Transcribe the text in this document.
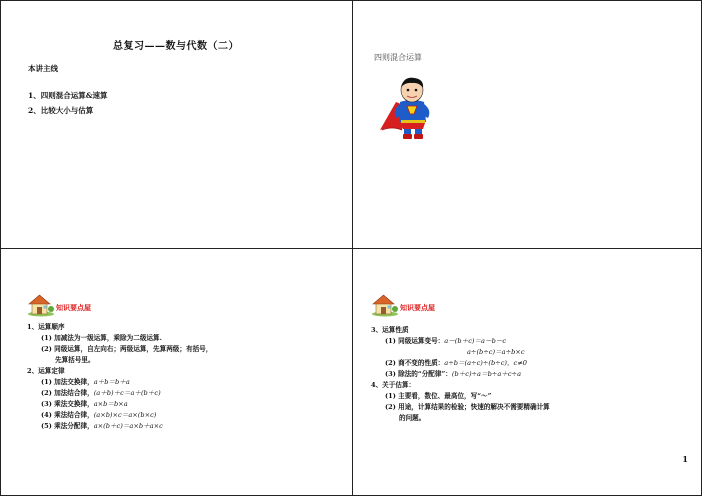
总复习——数与代数（二）
本讲主线
1、四则混合运算&速算
2、比较大小与估算
四则混合运算
知识要点屋
1、运算顺序
(1) 加减法为一级运算，乘除为二级运算.
(2) 同级运算，自左向右；两级运算，先算两级；有括号，
先算括号里。
2、运算定律
(1) 加法交换律，a＋b＝b＋a
(2) 加法结合律，(a＋b)＋c＝a＋(b＋c)
(3) 乘法交换律，a×b＝b×a
(4) 乘法结合律，(a×b)×c＝a×(b×c)
(5) 乘法分配律，a×(b＋c)＝a×b＋a×c
知识要点屋
3、运算性质
(1) 同级运算变号：a－(b＋c)＝a－b－c
a÷(b÷c)＝a÷b×c
(2) 商不变的性质：a÷b＝(a÷c)÷(b÷c)，c≠0
(3) 除法的“分配律”：(b＋c)÷a＝b÷a＋c÷a
4、关于估算：
(1) 主要看，数位、最高位，写“～”
(2) 用途，计算结果的检验；快速的解决不需要精确计算
的问题。
1
